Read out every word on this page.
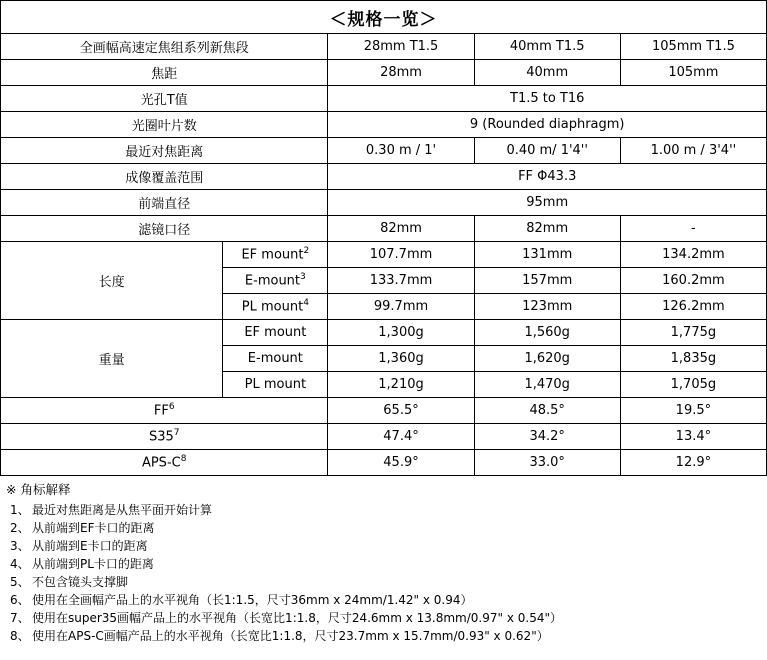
＜规格一览＞
全画幅高速定焦组系列新焦段		28mm T1.5	40mm T1.5	105mm T1.5
焦距		28mm	40mm	105mm
光孔T值		T1.5 to T16		
光圈叶片数		9 (Rounded diaphragm)		
最近对焦距离		0.30 m / 1'	0.40 m/ 1'4''	1.00 m / 3'4''
成像覆盖范围		FF Φ43.3		
前端直径		95mm		
滤镜口径		82mm	82mm	-
长度	EF mount$^2$	107.7mm	131mm	134.2mm
	E-mount$^3$	133.7mm	157mm	160.2mm
	PL mount$^4$	99.7mm	123mm	126.2mm
重量	EF mount	1,300g	1,560g	1,775g
	E-mount	1,360g	1,620g	1,835g
	PL mount	1,210g	1,470g	1,705g
$FF^6$		65.5°	48.5°	19.5°
$S35^7$		47.4°	34.2°	13.4°
APS-$C^8$		45.9°	33.0°	12.9°
※ 角标解释
1、 最近对焦距离是从焦平面开始计算
2、 从前端到EF卡口的距离
3、 从前端到E卡口的距离
4、 从前端到PL卡口的距离
5、 不包含镜头支撑脚
6、 使用在全画幅产品上的水平视角（长1:1.5，尺寸36mm x 24mm/1.42" x 0.94）
7、 使用在super35画幅产品上的水平视角（长宽比1:1.8，尺寸24.6mm x 13.8mm/0.97" x 0.54"）
8、 使用在APS-C画幅产品上的水平视角（长宽比1:1.8，尺寸23.7mm x 15.7mm/0.93" x 0.62"）
